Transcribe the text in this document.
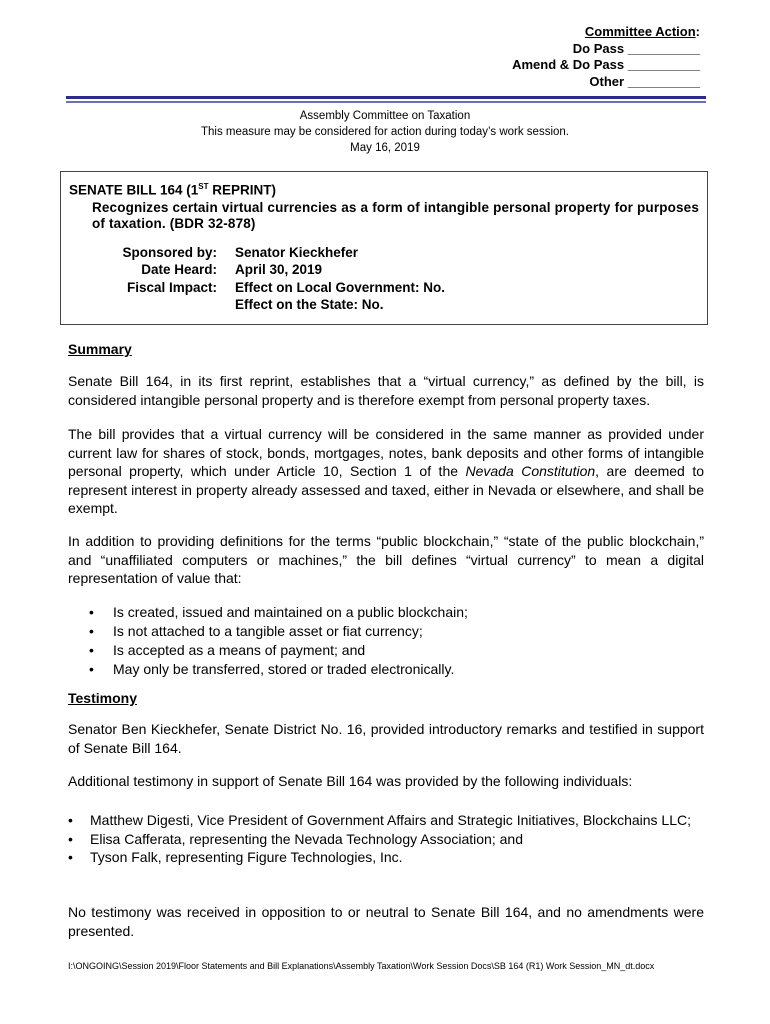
Committee Action:
Do Pass __________
Amend & Do Pass __________
Other __________
Assembly Committee on Taxation
This measure may be considered for action during today’s work session.
May 16, 2019

SENATE BILL 164 (1ST REPRINT)

Recognizes certain virtual currencies as a form of intangible personal property for purposes of taxation. (BDR 32-878)

Sponsored by:	Senator Kieckhefer
Date Heard:	April 30, 2019
Fiscal Impact:	Effect on Local Government: No.
Effect on the State: No.
Summary

Senate Bill 164, in its first reprint, establishes that a “virtual currency,” as defined by the bill, is considered intangible personal property and is therefore exempt from personal property taxes.

The bill provides that a virtual currency will be considered in the same manner as provided under current law for shares of stock, bonds, mortgages, notes, bank deposits and other forms of intangible personal property, which under Article 10, Section 1 of the Nevada Constitution, are deemed to represent interest in property already assessed and taxed, either in Nevada or elsewhere, and shall be exempt.

In addition to providing definitions for the terms “public blockchain,” “state of the public blockchain,” and “unaffiliated computers or machines,” the bill defines “virtual currency” to mean a digital representation of value that:

• Is created, issued and maintained on a public blockchain;
• Is not attached to a tangible asset or fiat currency;
• Is accepted as a means of payment; and
• May only be transferred, stored or traded electronically.
Testimony

Senator Ben Kieckhefer, Senate District No. 16, provided introductory remarks and testified in support of Senate Bill 164.

Additional testimony in support of Senate Bill 164 was provided by the following individuals:

• Matthew Digesti, Vice President of Government Affairs and Strategic Initiatives, Blockchains LLC;
• Elisa Cafferata, representing the Nevada Technology Association; and
• Tyson Falk, representing Figure Technologies, Inc.

No testimony was received in opposition to or neutral to Senate Bill 164, and no amendments were presented.

I:\ONGOING\Session 2019\Floor Statements and Bill Explanations\Assembly Taxation\Work Session Docs\SB 164 (R1) Work Session_MN_dt.docx
